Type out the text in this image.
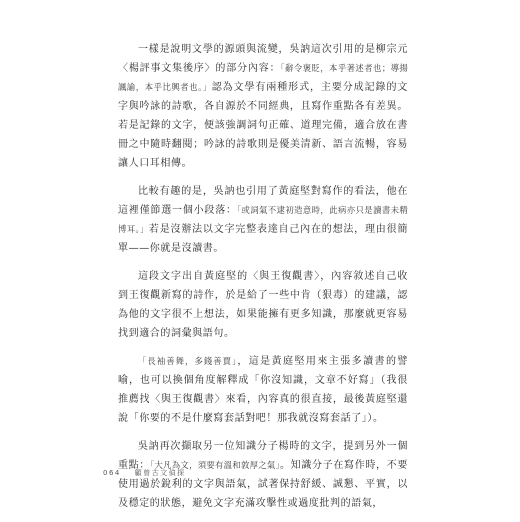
一樣是說明文學的源頭與流變，吳訥這次引用的是柳宗元〈楊評事文集後序〉的部分內容：「辭令褒貶，本乎著述者也；導揚諷諭，本乎比興者也。」認為文學有兩種形式，主要分成記錄的文字與吟詠的詩歌，各自源於不同經典，且寫作重點各有差異。若是記錄的文字，便該強調詞句正確、道理完備，適合放在書冊之中隨時翻閱；吟詠的詩歌則是優美清新、語言流暢，容易讓人口耳相傳。

比較有趣的是，吳訥也引用了黃庭堅對寫作的看法，他在這裡僅節選一個小段落：「或詞氣不逮初造意時，此病亦只是讀書未精博耳。」若是沒辦法以文字完整表達自己內在的想法，理由很簡單——你就是沒讀書。

這段文字出自黃庭堅的〈與王復觀書〉，內容敘述自己收到王復觀新寫的詩作，於是給了一些中肯（狠毒）的建議，認為他的文字很不上想法，如果能擁有更多知識，那麼就更容易找到適合的詞彙與語句。

「長袖善舞，多錢善賈」，這是黃庭堅用來主張多讀書的譬喻，也可以換個角度解釋成「你沒知識，文章不好寫」（我很推薦找〈與王復觀書〉來看，內容真的很直接，最後黃庭堅還說「你要的不是什麼寫套話對吧！那我就沒寫套話了」）。

吳訥再次擷取另一位知識分子楊時的文字，提到另外一個重點：「大凡為文，須要有溫和敦厚之氣」。知識分子在寫作時，不要使用過於銳利的文字與語氣，試著保持舒緩、誠懇、平實，以及穩定的狀態，避免文字充滿攻擊性或過度批判的語氣，

064 顧曾古文偵探
